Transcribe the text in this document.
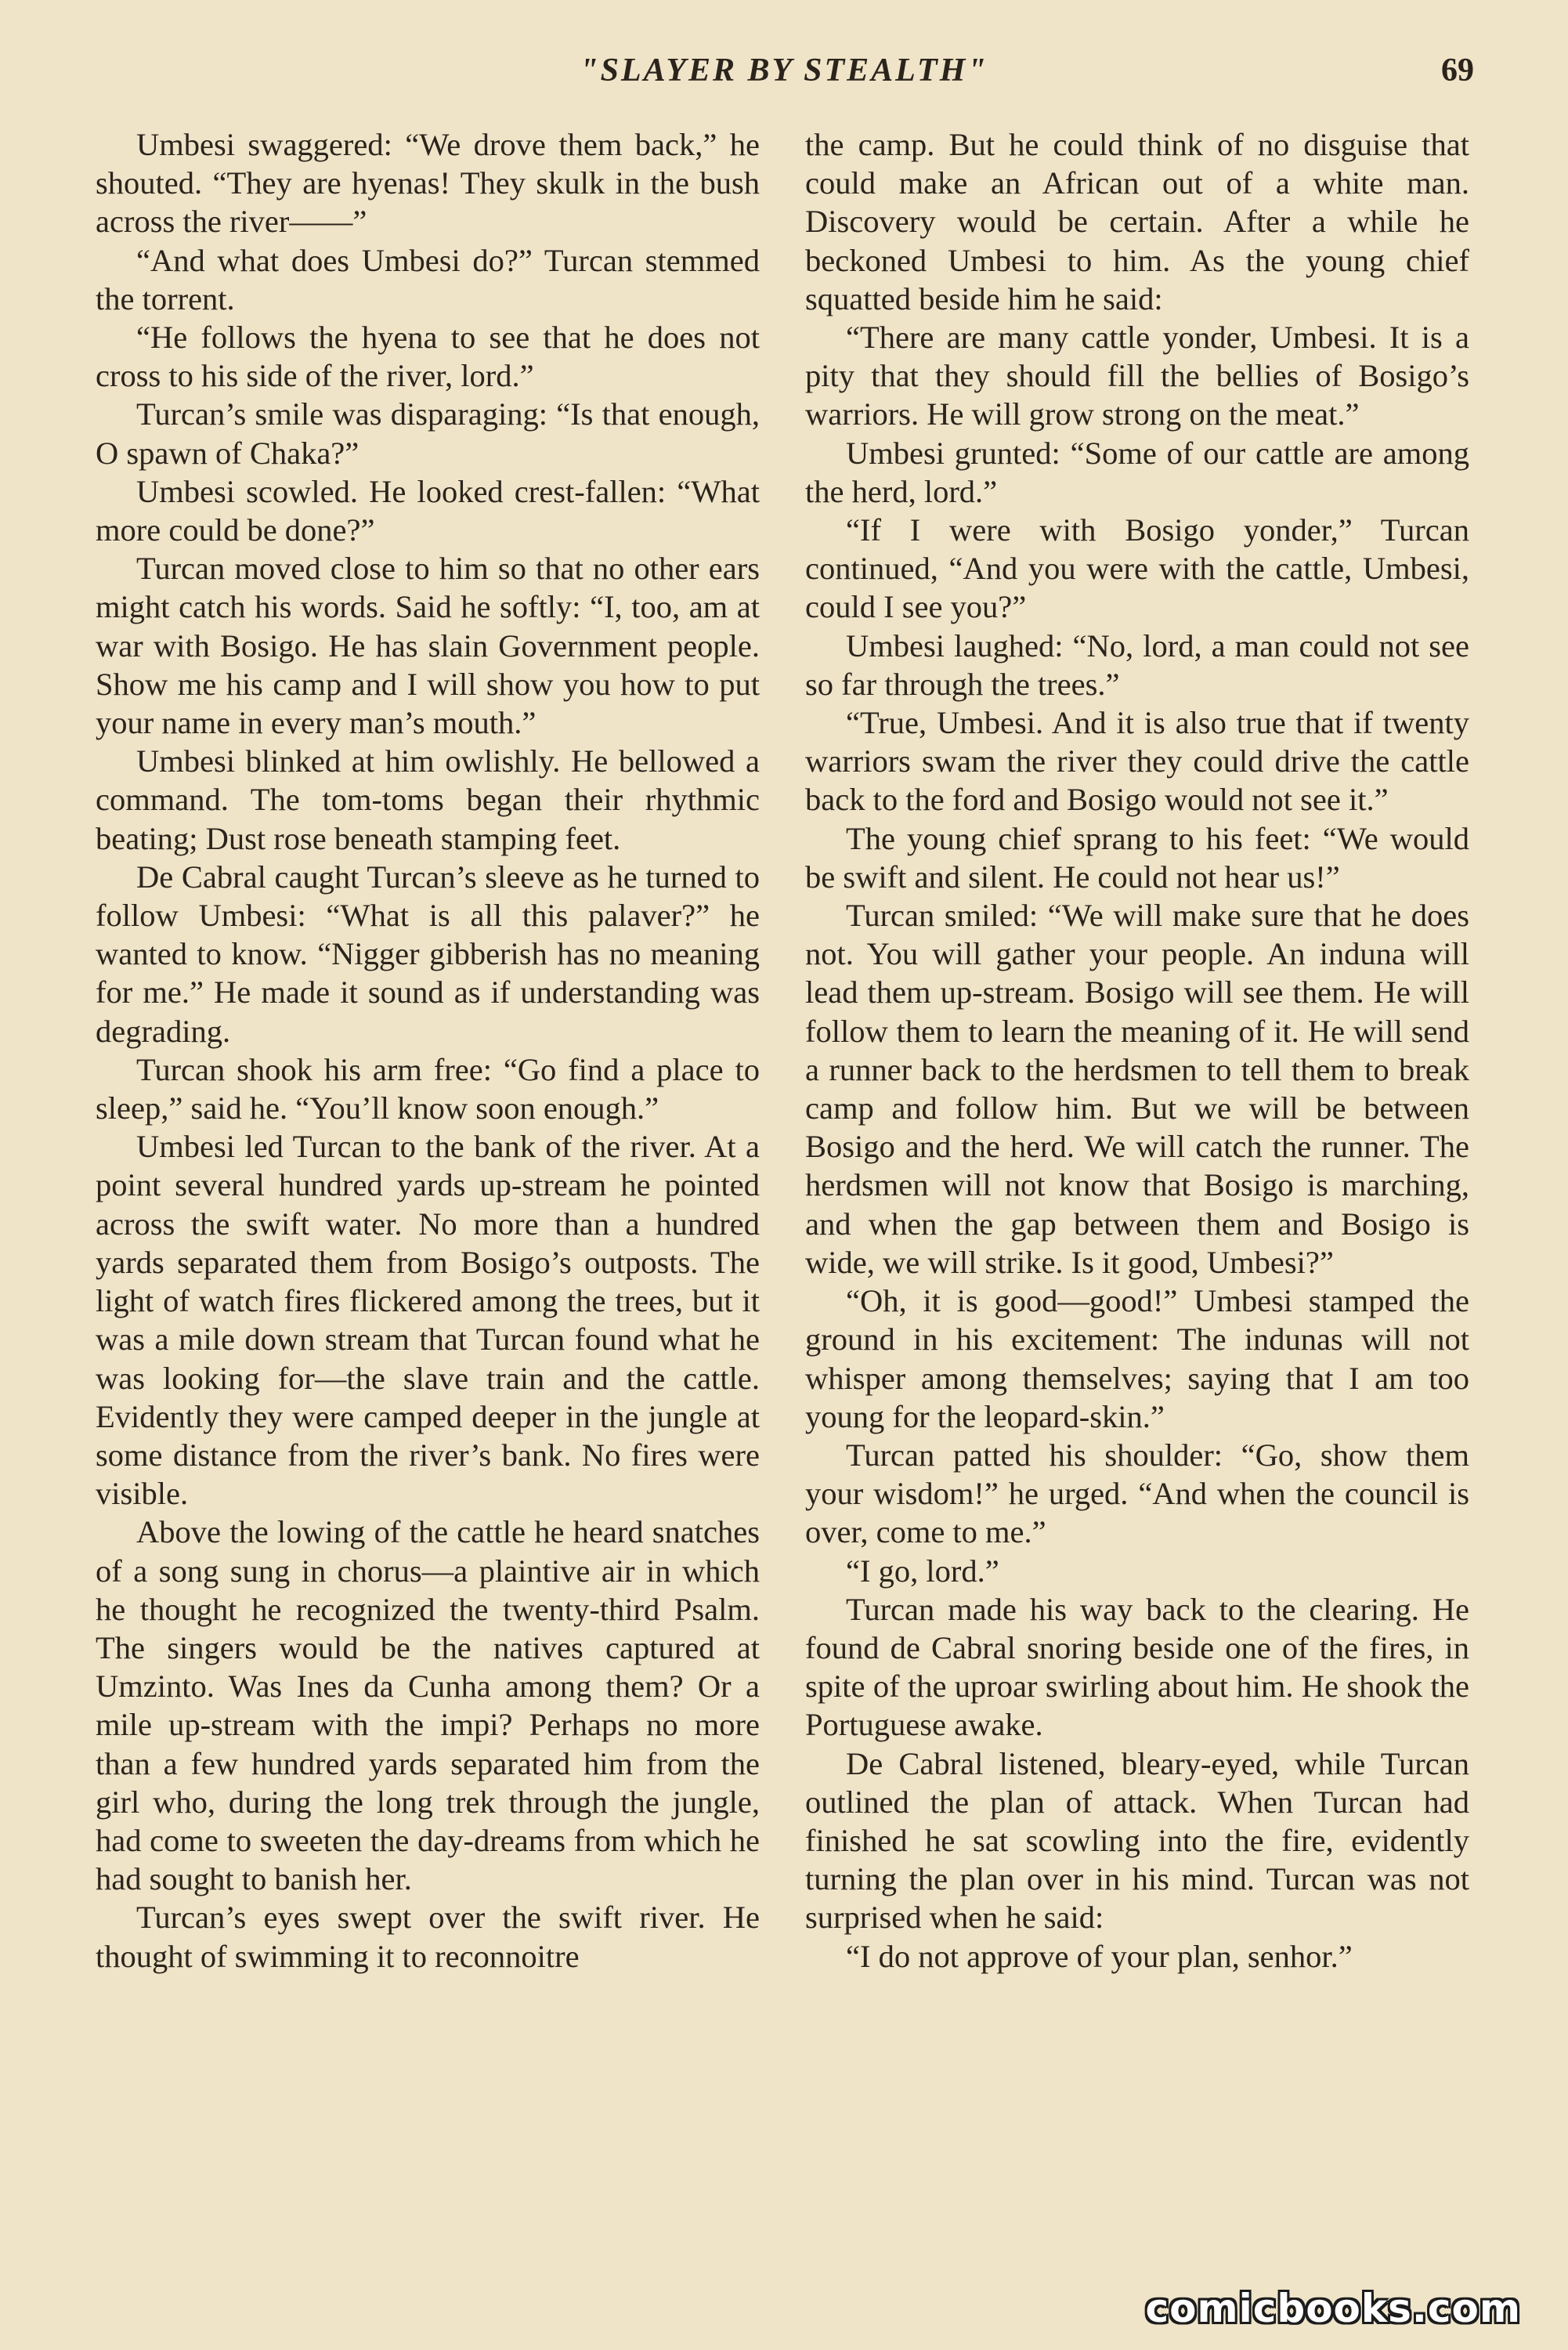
"SLAYER BY STEALTH"	69

Umbesi swaggered: “We drove them back,” he shouted. “They are hyenas! They skulk in the bush across the river——”

“And what does Umbesi do?” Turcan stemmed the torrent.

“He follows the hyena to see that he does not cross to his side of the river, lord.”

Turcan’s smile was disparaging: “Is that enough, O spawn of Chaka?”

Umbesi scowled. He looked crest-fallen: “What more could be done?”

Turcan moved close to him so that no other ears might catch his words. Said he softly: “I, too, am at war with Bosigo. He has slain Government people. Show me his camp and I will show you how to put your name in every man’s mouth.”

Umbesi blinked at him owlishly. He bellowed a command. The tom-toms began their rhythmic beating; Dust rose beneath stamping feet.

De Cabral caught Turcan’s sleeve as he turned to follow Umbesi: “What is all this palaver?” he wanted to know. “Nigger gibberish has no meaning for me.” He made it sound as if understanding was degrading.

Turcan shook his arm free: “Go find a place to sleep,” said he. “You’ll know soon enough.”

Umbesi led Turcan to the bank of the river. At a point several hundred yards up-stream he pointed across the swift water. No more than a hundred yards separated them from Bosigo’s outposts. The light of watch fires flickered among the trees, but it was a mile down stream that Turcan found what he was looking for—the slave train and the cattle. Evidently they were camped deeper in the jungle at some distance from the river’s bank. No fires were visible.

Above the lowing of the cattle he heard snatches of a song sung in chorus—a plaintive air in which he thought he recognized the twenty-third Psalm. The singers would be the natives captured at Umzinto. Was Ines da Cunha among them? Or a mile up-stream with the impi? Perhaps no more than a few hundred yards separated him from the girl who, during the long trek through the jungle, had come to sweeten the day-dreams from which he had sought to banish her.

Turcan’s eyes swept over the swift river. He thought of swimming it to reconnoitre

the camp. But he could think of no disguise that could make an African out of a white man. Discovery would be certain. After a while he beckoned Umbesi to him. As the young chief squatted beside him he said:

“There are many cattle yonder, Umbesi. It is a pity that they should fill the bellies of Bosigo’s warriors. He will grow strong on the meat.”

Umbesi grunted: “Some of our cattle are among the herd, lord.”

“If I were with Bosigo yonder,” Turcan continued, “And you were with the cattle, Umbesi, could I see you?”

Umbesi laughed: “No, lord, a man could not see so far through the trees.”

“True, Umbesi. And it is also true that if twenty warriors swam the river they could drive the cattle back to the ford and Bosigo would not see it.”

The young chief sprang to his feet: “We would be swift and silent. He could not hear us!”

Turcan smiled: “We will make sure that he does not. You will gather your people. An induna will lead them up-stream. Bosigo will see them. He will follow them to learn the meaning of it. He will send a runner back to the herdsmen to tell them to break camp and follow him. But we will be between Bosigo and the herd. We will catch the runner. The herdsmen will not know that Bosigo is marching, and when the gap between them and Bosigo is wide, we will strike. Is it good, Umbesi?”

“Oh, it is good—good!” Umbesi stamped the ground in his excitement: The indunas will not whisper among themselves; saying that I am too young for the leopard-skin.”

Turcan patted his shoulder: “Go, show them your wisdom!” he urged. “And when the council is over, come to me.”

“I go, lord.”

Turcan made his way back to the clearing. He found de Cabral snoring beside one of the fires, in spite of the uproar swirling about him. He shook the Portuguese awake.

De Cabral listened, bleary-eyed, while Turcan outlined the plan of attack. When Turcan had finished he sat scowling into the fire, evidently turning the plan over in his mind. Turcan was not surprised when he said:

“I do not approve of your plan, senhor.”

comicbooks.com
